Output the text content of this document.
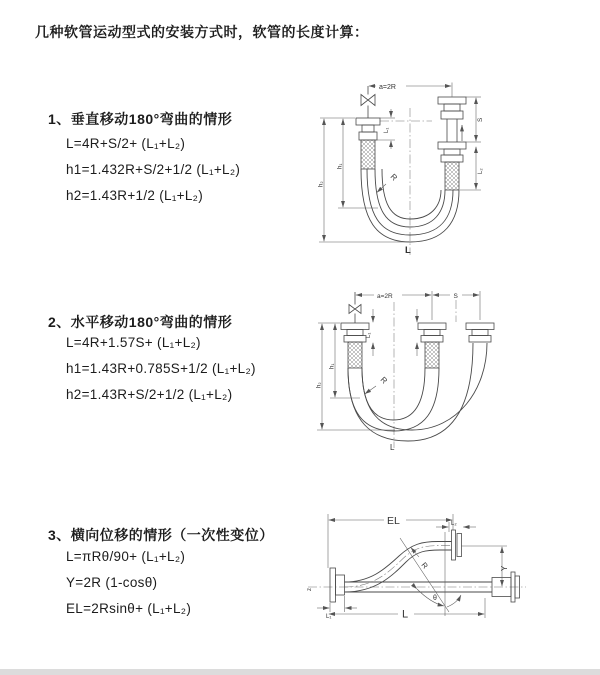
几种软管运动型式的安装方式时，软管的长度计算：
1、垂直移动180°弯曲的情形
L=4R+S/2+ (L₁+L₂)
h1=1.432R+S/2+1/2 (L₁+L₂)
h2=1.43R+1/2 (L₁+L₂)
2、水平移动180°弯曲的情形
L=4R+1.57S+ (L₁+L₂)
h1=1.43R+0.785S+1/2 (L₁+L₂)
h2=1.43R+S/2+1/2 (L₁+L₂)
3、横向位移的情形（一次性变位）
L=πRθ/90+ (L₁+L₂)
Y=2R (1-cosθ)
EL=2Rsinθ+ (L₁+L₂)
a=2R
L₁
S
L₂
h₁
h₂
R
L
a=2R	S
L₁
h₁
h₂	R
L
EL	L₂
Y
R
θ
L
L₁
z
